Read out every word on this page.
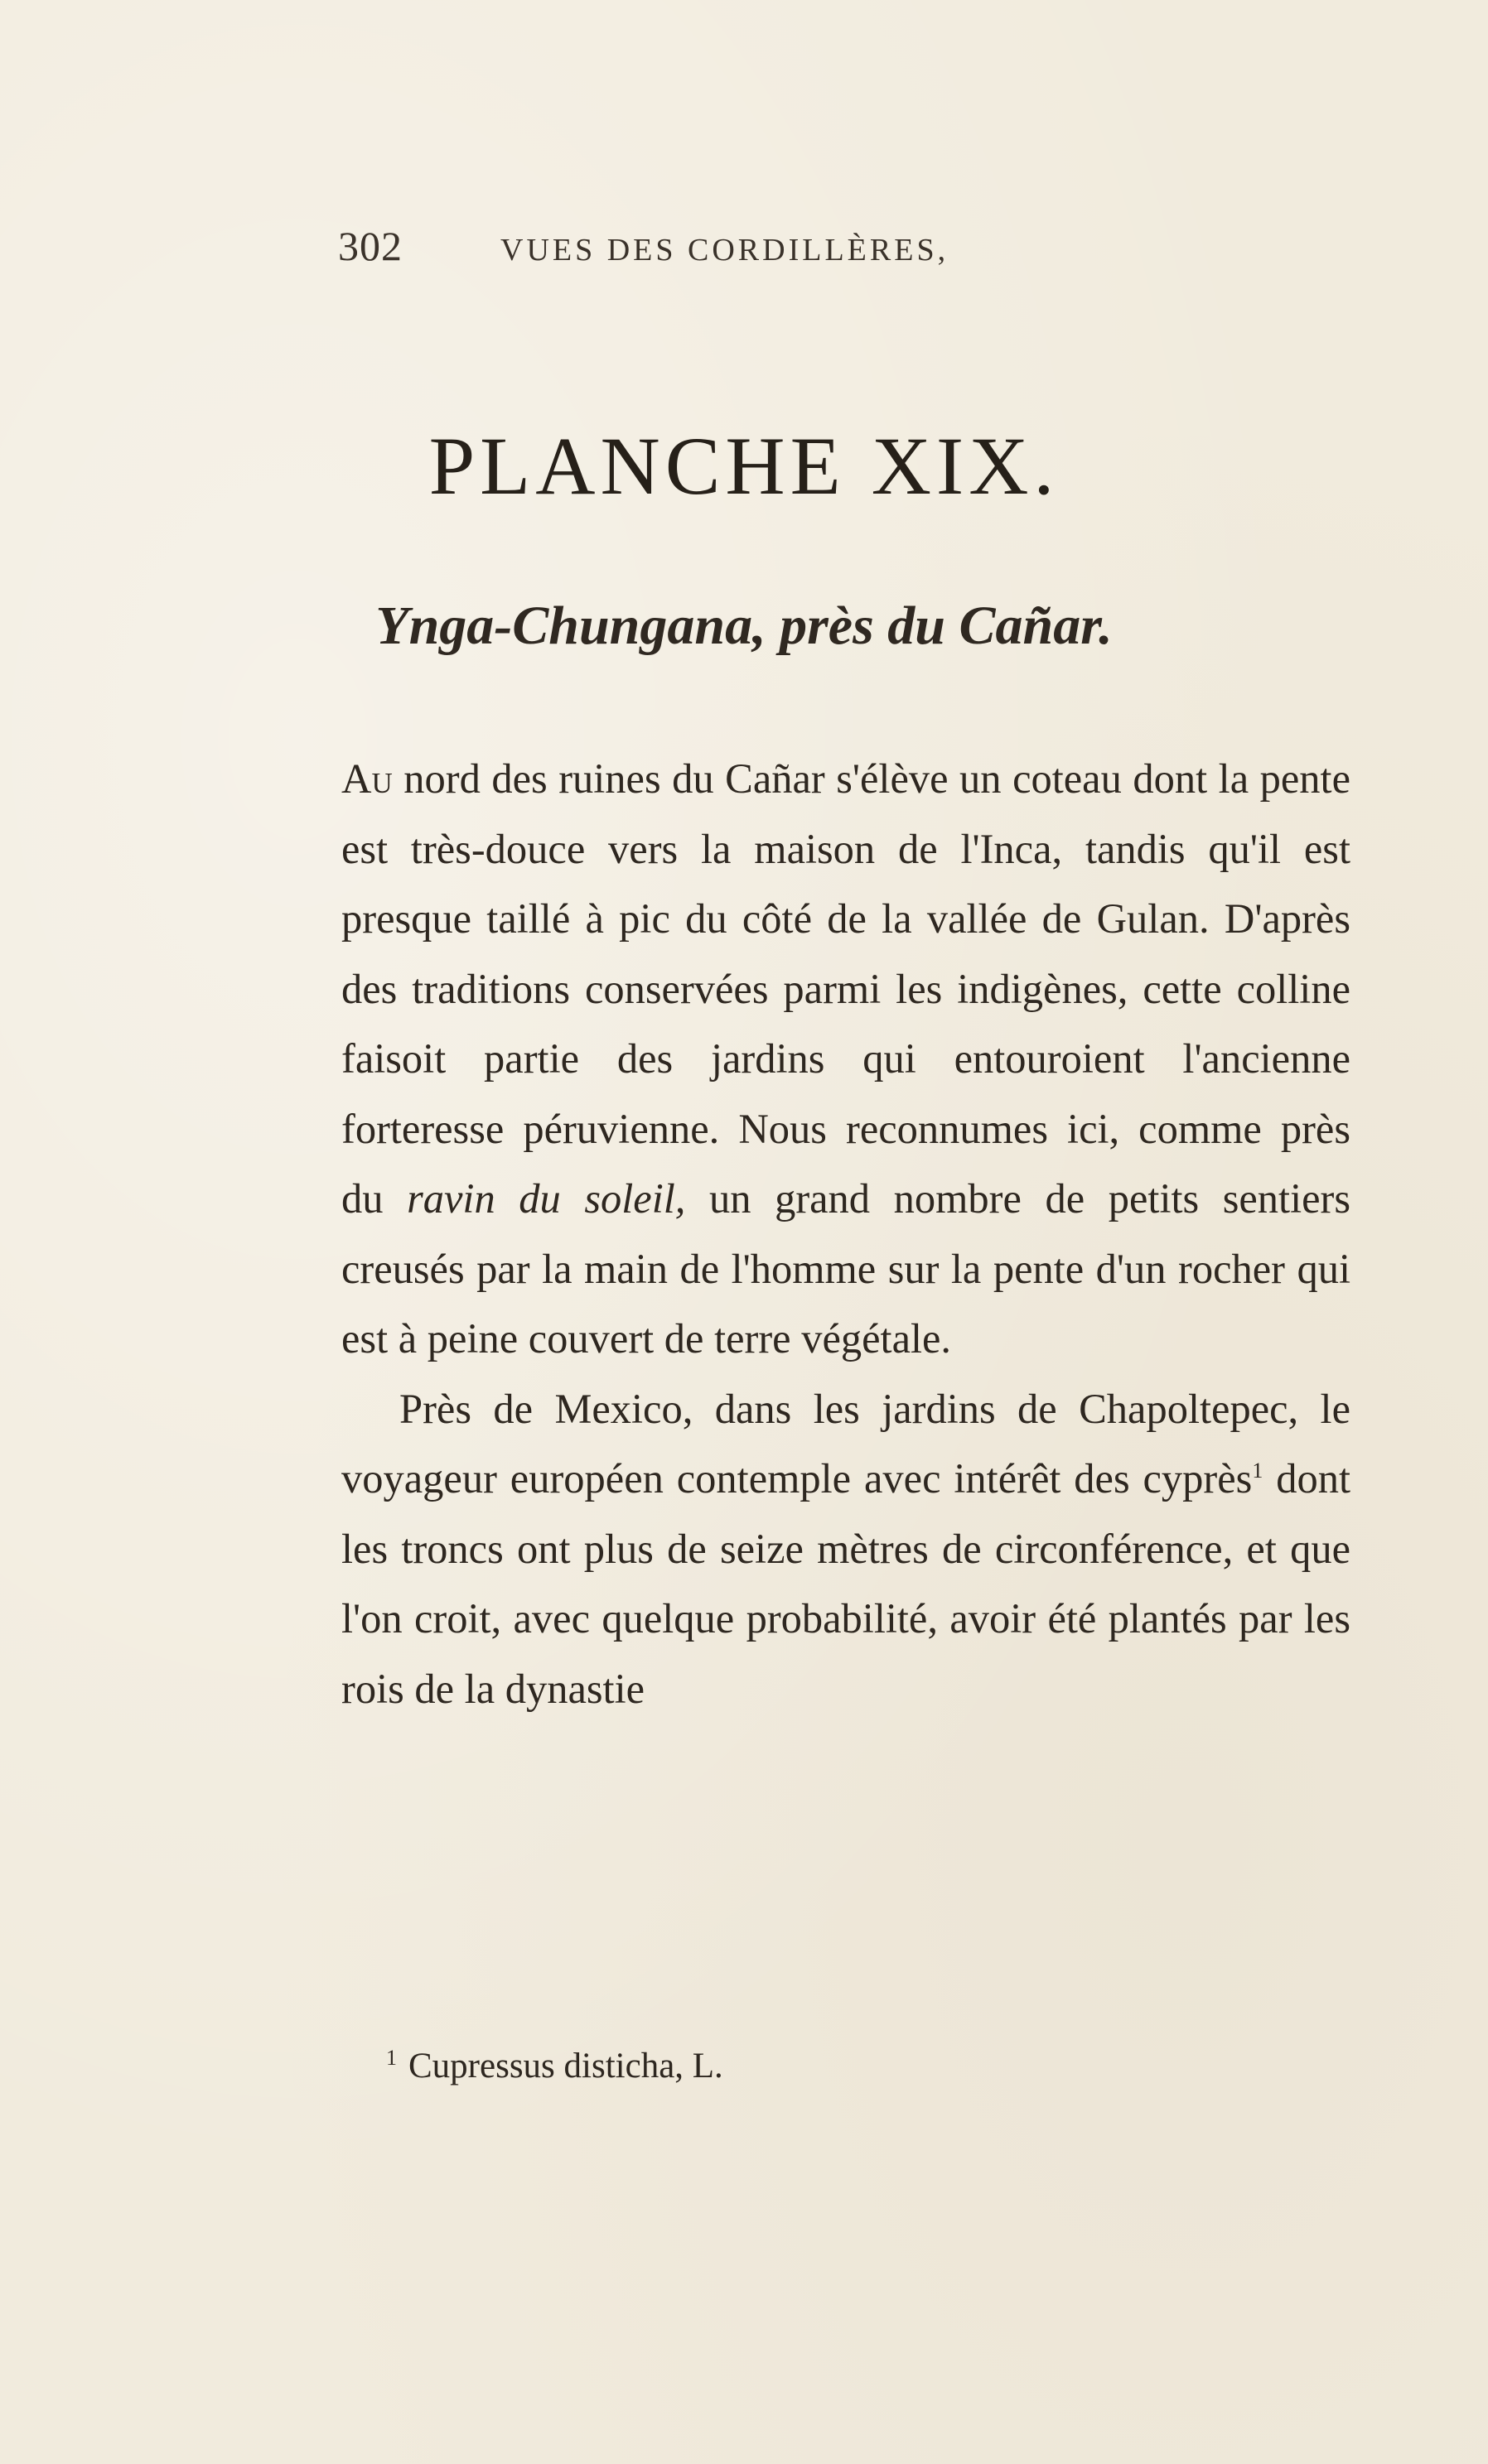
302	VUES DES CORDILLÈRES,
PLANCHE XIX.
Ynga-Chungana, près du Cañar.

Au nord des ruines du Cañar s'élève un coteau dont la pente est très-douce vers la maison de l'Inca, tandis qu'il est presque taillé à pic du côté de la vallée de Gulan. D'après des traditions conservées parmi les indigènes, cette colline faisoit partie des jardins qui entouroient l'ancienne forteresse péruvienne. Nous reconnumes ici, comme près du ravin du soleil, un grand nombre de petits sentiers creusés par la main de l'homme sur la pente d'un rocher qui est à peine couvert de terre végétale.

Près de Mexico, dans les jardins de Chapoltepec, le voyageur européen contemple avec intérêt des cyprès$^1$ dont les troncs ont plus de seize mètres de circonférence, et que l'on croit, avec quelque probabilité, avoir été plantés par les rois de la dynastie

$^1$ Cupressus disticha, L.
